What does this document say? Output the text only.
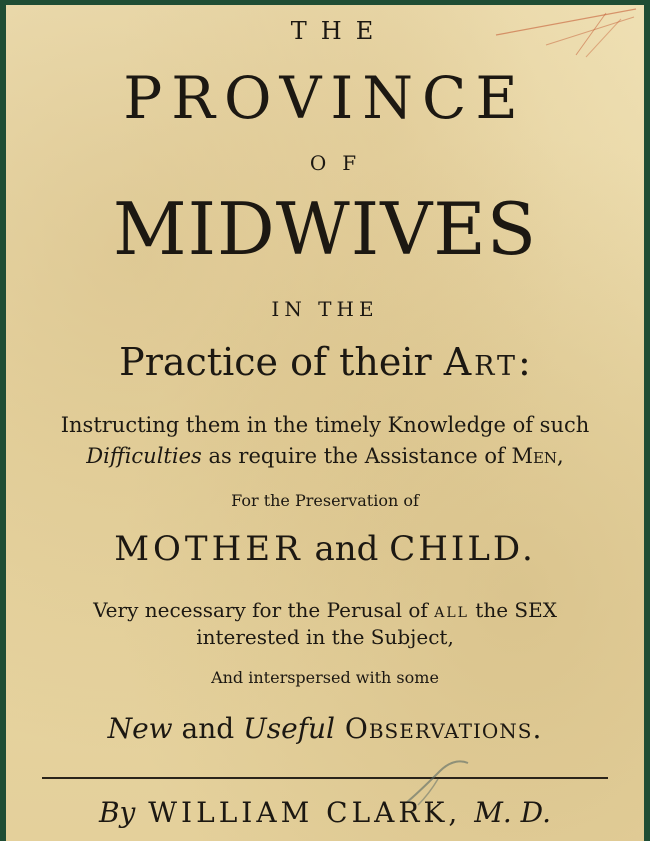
THE
PROVINCE
OF
MIDWIVES
IN THE
Practice of their Art:
Instructing them in the timely Knowledge of such
Difficulties as require the Assistance of Men,
For the Preservation of
MOTHER and CHILD.
Very necessary for the Perusal of all the SEX
interested in the Subject,
And interspersed with some
New and Useful Observations.
By WILLIAM CLARK, M. D.
